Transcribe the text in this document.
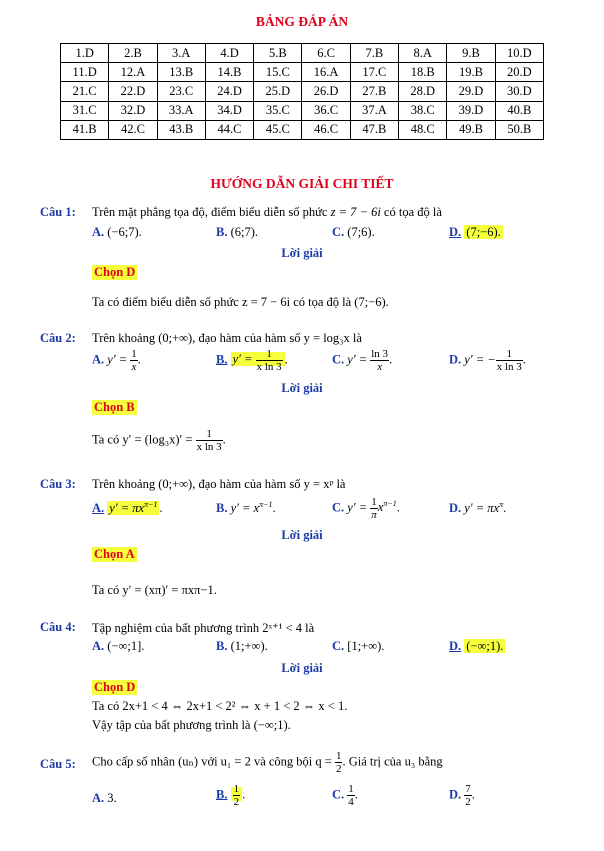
BẢNG ĐÁP ÁN
1.D	2.B	3.A	4.D	5.B	6.C	7.B	8.A	9.B	10.D
11.D	12.A	13.B	14.B	15.C	16.A	17.C	18.B	19.B	20.D
21.C	22.D	23.C	24.D	25.D	26.D	27.B	28.D	29.D	30.D
31.C	32.D	33.A	34.D	35.C	36.C	37.A	38.C	39.D	40.B
41.B	42.C	43.B	44.C	45.C	46.C	47.B	48.C	49.B	50.B
HƯỚNG DẪN GIẢI CHI TIẾT
Câu 1: Trên mặt phẳng tọa độ, điểm biểu diễn số phức z = 7 − 6i có tọa độ là
A. (−6;7).	B. (6;7).	C. (7;6).	D. (7;−6).
Lời giải
Chọn D
Ta có điểm biểu diễn số phức z = 7 − 6i có tọa độ là (7;−6).
Câu 2: Trên khoảng (0;+∞), đạo hàm của hàm số y = log₃x là
A. $y' = \frac{1}{x}$ .	B. $y' = \frac{1}{\text{x ln 3}}$ .	C. $y' = \frac{\ln 3}{x}$ .	D. y′ = − $\frac{1}{\text{x ln 3}}$ .
Lời giải
Chọn B
Ta có $y' = (\log_3x)' = \frac{1}{\text{x ln 3}}$ .
Câu 3: Trên khoảng (0;+∞), đạo hàm của hàm số y = xᵖ là
A. $y' = \pi x^{\pi-1}$ .	B. $y' = x^{\pi-1}$.	C. $y' = \frac{1}{\pi} x^{\pi-1}$.	D. $y' = \pi x^\pi$.
Lời giải
Chọn A
Ta có y′ = (xπ)′ = πxπ−1.
Câu 4: Tập nghiệm của bất phương trình 2ˣ⁺¹ < 4 là
A. (−∞;1].	B. (1;+∞).	C. [1;+∞).	D. (−∞;1).
Lời giải
Chọn D
Ta có 2x+1 < 4 ⇔ 2x+1 < 2² ⇔ x + 1 < 2 ⇔ x < 1.
Vậy tập của bất phương trình là (−∞;1).
Câu 5: Cho cấp số nhân (uₙ) với u₁ = 2 và công bội $q = \frac{1}{2}$ . Giá trị của u₃ bằng
A. 3.	B. $\frac{1}{2}$ .	C. $\frac{1}{4}$ .	D. $\frac{7}{2}$ .
